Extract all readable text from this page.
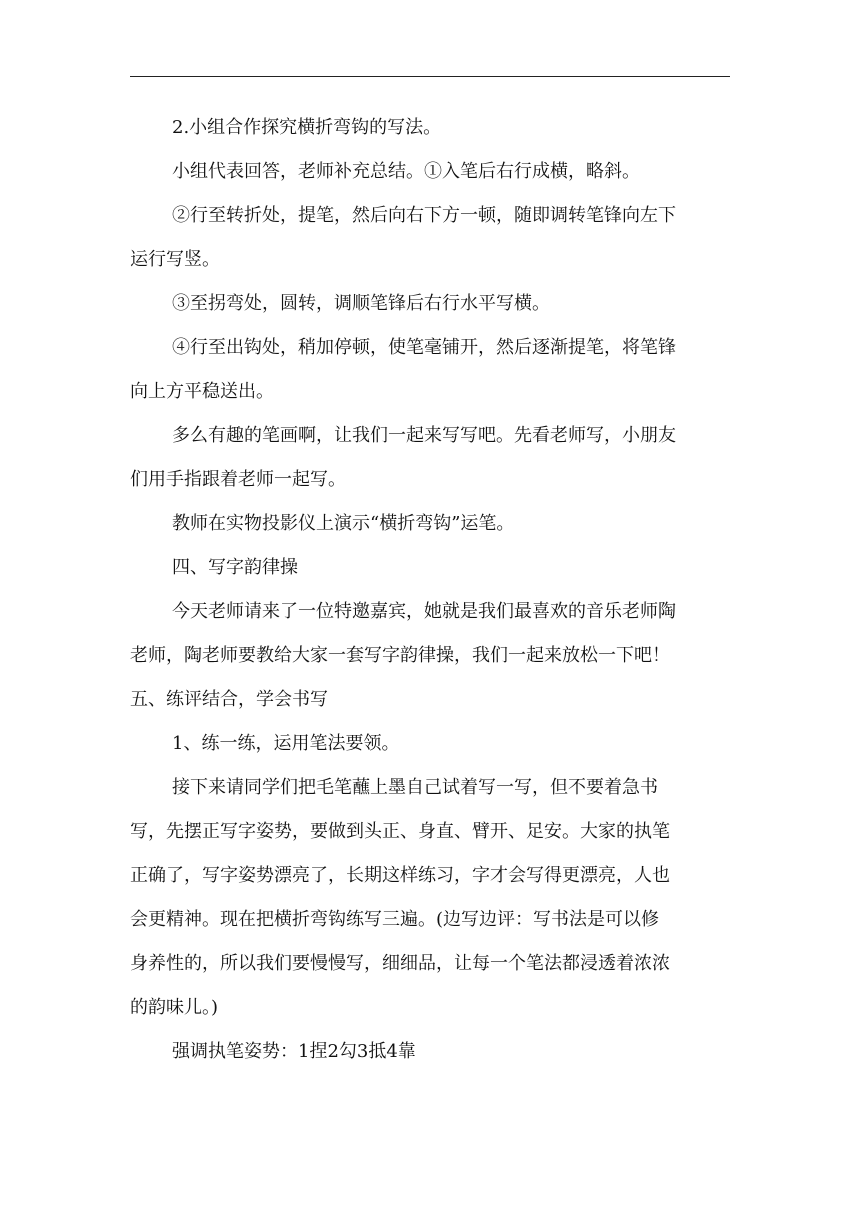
2.小组合作探究横折弯钩的写法。

小组代表回答，老师补充总结。①入笔后右行成横，略斜。

②行至转折处，提笔，然后向右下方一顿，随即调转笔锋向左下
运行写竖。

③至拐弯处，圆转，调顺笔锋后右行水平写横。

④行至出钩处，稍加停顿，使笔毫铺开，然后逐渐提笔，将笔锋
向上方平稳送出。

多么有趣的笔画啊，让我们一起来写写吧。先看老师写，小朋友
们用手指跟着老师一起写。

教师在实物投影仪上演示“横折弯钩”运笔。

四、写字韵律操

今天老师请来了一位特邀嘉宾，她就是我们最喜欢的音乐老师陶
老师，陶老师要教给大家一套写字韵律操，我们一起来放松一下吧！

五、练评结合，学会书写

1、练一练，运用笔法要领。

接下来请同学们把毛笔蘸上墨自己试着写一写，但不要着急书
写，先摆正写字姿势，要做到头正、身直、臂开、足安。大家的执笔
正确了，写字姿势漂亮了，长期这样练习，字才会写得更漂亮，人也
会更精神。现在把横折弯钩练写三遍。(边写边评：写书法是可以修
身养性的，所以我们要慢慢写，细细品，让每一个笔法都浸透着浓浓
的韵味儿。)

强调执笔姿势：1捏2勾3抵4靠
